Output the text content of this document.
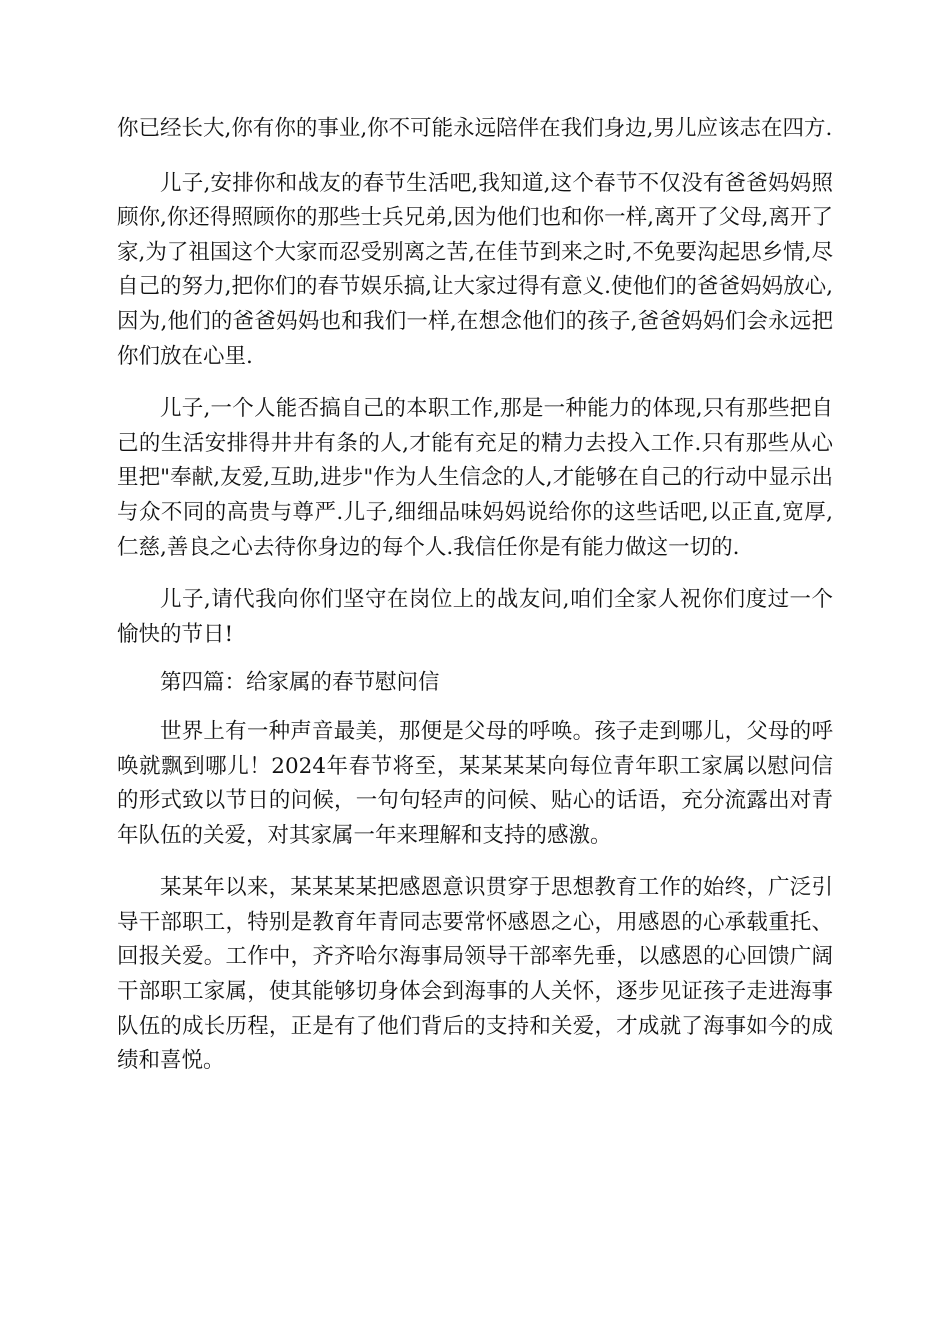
你已经长大,你有你的事业,你不可能永远陪伴在我们身边,男儿应该志在四方.

儿子,安排你和战友的春节生活吧,我知道,这个春节不仅没有爸爸妈妈照顾你,你还得照顾你的那些士兵兄弟,因为他们也和你一样,离开了父母,离开了家,为了祖国这个大家而忍受别离之苦,在佳节到来之时,不免要沟起思乡情,尽自己的努力,把你们的春节娱乐搞,让大家过得有意义.使他们的爸爸妈妈放心,因为,他们的爸爸妈妈也和我们一样,在想念他们的孩子,爸爸妈妈们会永远把你们放在心里.

儿子,一个人能否搞自己的本职工作,那是一种能力的体现,只有那些把自己的生活安排得井井有条的人,才能有充足的精力去投入工作.只有那些从心里把"奉献,友爱,互助,进步"作为人生信念的人,才能够在自己的行动中显示出与众不同的高贵与尊严.儿子,细细品味妈妈说给你的这些话吧,以正直,宽厚,仁慈,善良之心去待你身边的每个人.我信任你是有能力做这一切的.

儿子,请代我向你们坚守在岗位上的战友问,咱们全家人祝你们度过一个愉快的节日!

第四篇：给家属的春节慰问信

世界上有一种声音最美，那便是父母的呼唤。孩子走到哪儿，父母的呼唤就飘到哪儿！2024年春节将至，某某某某向每位青年职工家属以慰问信的形式致以节日的问候，一句句轻声的问候、贴心的话语，充分流露出对青年队伍的关爱，对其家属一年来理解和支持的感激。

某某年以来，某某某某把感恩意识贯穿于思想教育工作的始终，广泛引导干部职工，特别是教育年青同志要常怀感恩之心，用感恩的心承载重托、回报关爱。工作中，齐齐哈尔海事局领导干部率先垂，以感恩的心回馈广阔干部职工家属，使其能够切身体会到海事的人关怀，逐步见证孩子走进海事队伍的成长历程，正是有了他们背后的支持和关爱，才成就了海事如今的成绩和喜悦。
